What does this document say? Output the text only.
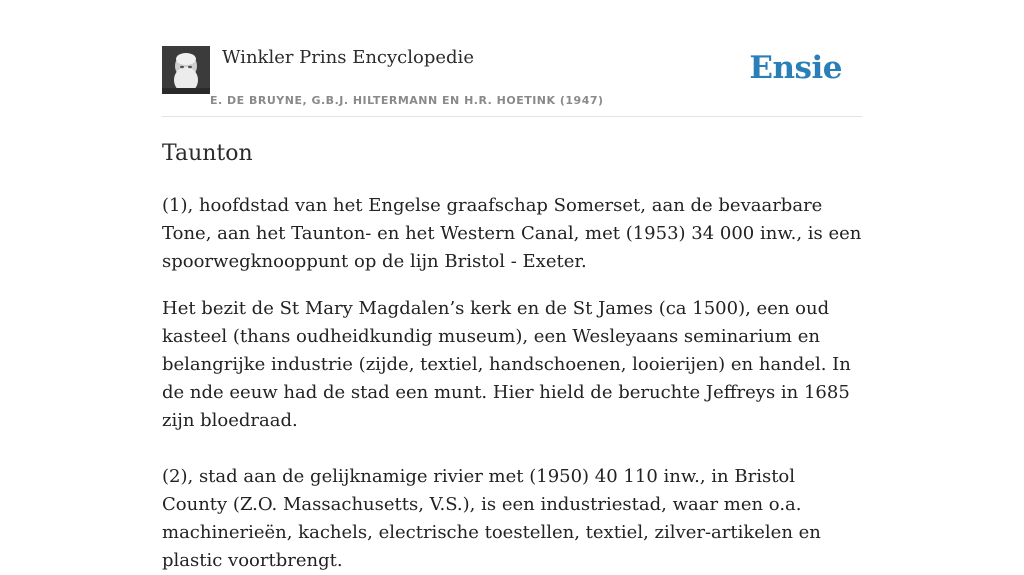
Winkler Prins Encyclopedie
E. DE BRUYNE, G.B.J. HILTERMANN EN H.R. HOETINK (1947)
Ensie
Taunton

(1), hoofdstad van het Engelse graafschap Somerset, aan de bevaarbare Tone, aan het Taunton- en het Western Canal, met (1953) 34 000 inw., is een spoorwegknooppunt op de lijn Bristol - Exeter.

Het bezit de St Mary Magdalen’s kerk en de St James (ca 1500), een oud kasteel (thans oudheidkundig museum), een Wesleyaans seminarium en belangrijke industrie (zijde, textiel, handschoenen, looierijen) en handel. In de nde eeuw had de stad een munt. Hier hield de beruchte Jeffreys in 1685 zijn bloedraad.

(2), stad aan de gelijknamige rivier met (1950) 40 110 inw., in Bristol County (Z.O. Massachusetts, V.S.), is een industriestad, waar men o.a. machinerieën, kachels, electrische toestellen, textiel, zilver-artikelen en plastic voortbrengt.
